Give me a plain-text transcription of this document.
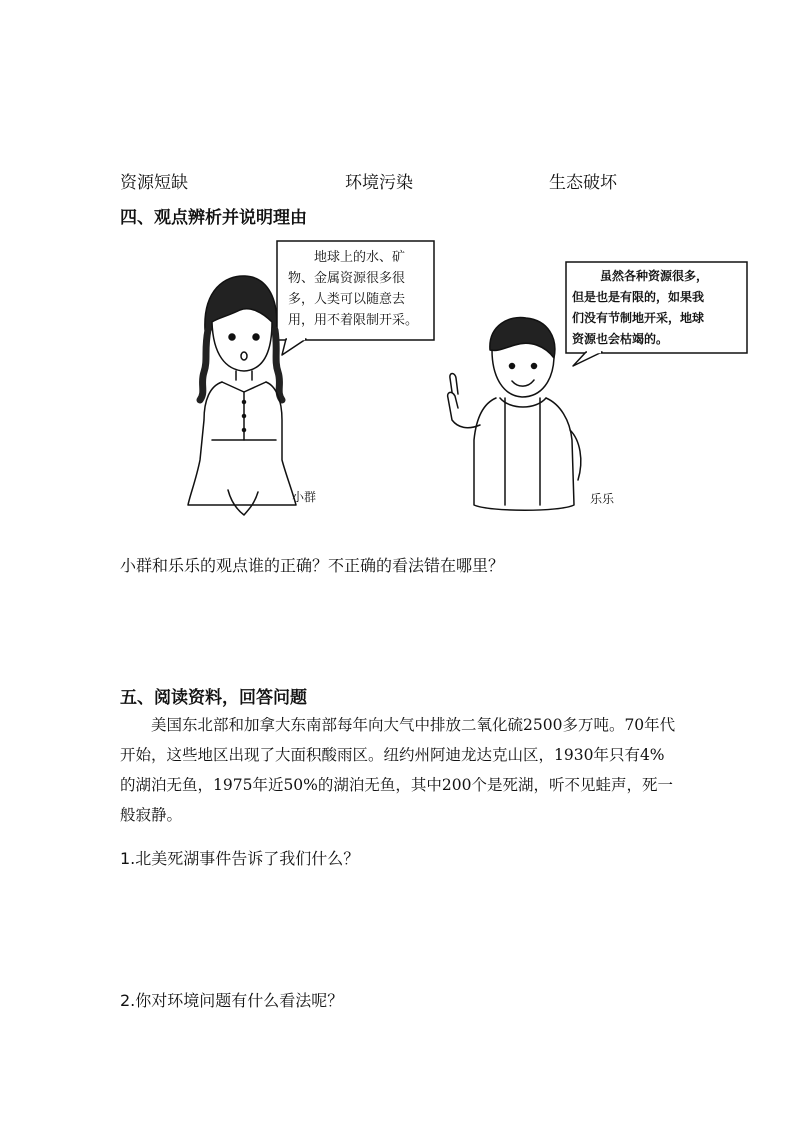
资源短缺	环境污染	生态破坏
四、观点辨析并说明理由
地球上的水、矿
物、金属资源很多很
多，人类可以随意去
用，用不着限制开采。
虽然各种资源很多，
但是也是有限的，如果我
们没有节制地开采，地球
资源也会枯竭的。
小群	乐乐
小群和乐乐的观点谁的正确？不正确的看法错在哪里？
五、阅读资料，回答问题
美国东北部和加拿大东南部每年向大气中排放二氧化硫2500多万吨。70年代开始，这些地区出现了大面积酸雨区。纽约州阿迪龙达克山区，1930年只有4%的湖泊无鱼，1975年近50%的湖泊无鱼，其中200个是死湖，听不见蛙声，死一般寂静。
1.北美死湖事件告诉了我们什么？
2.你对环境问题有什么看法呢？
